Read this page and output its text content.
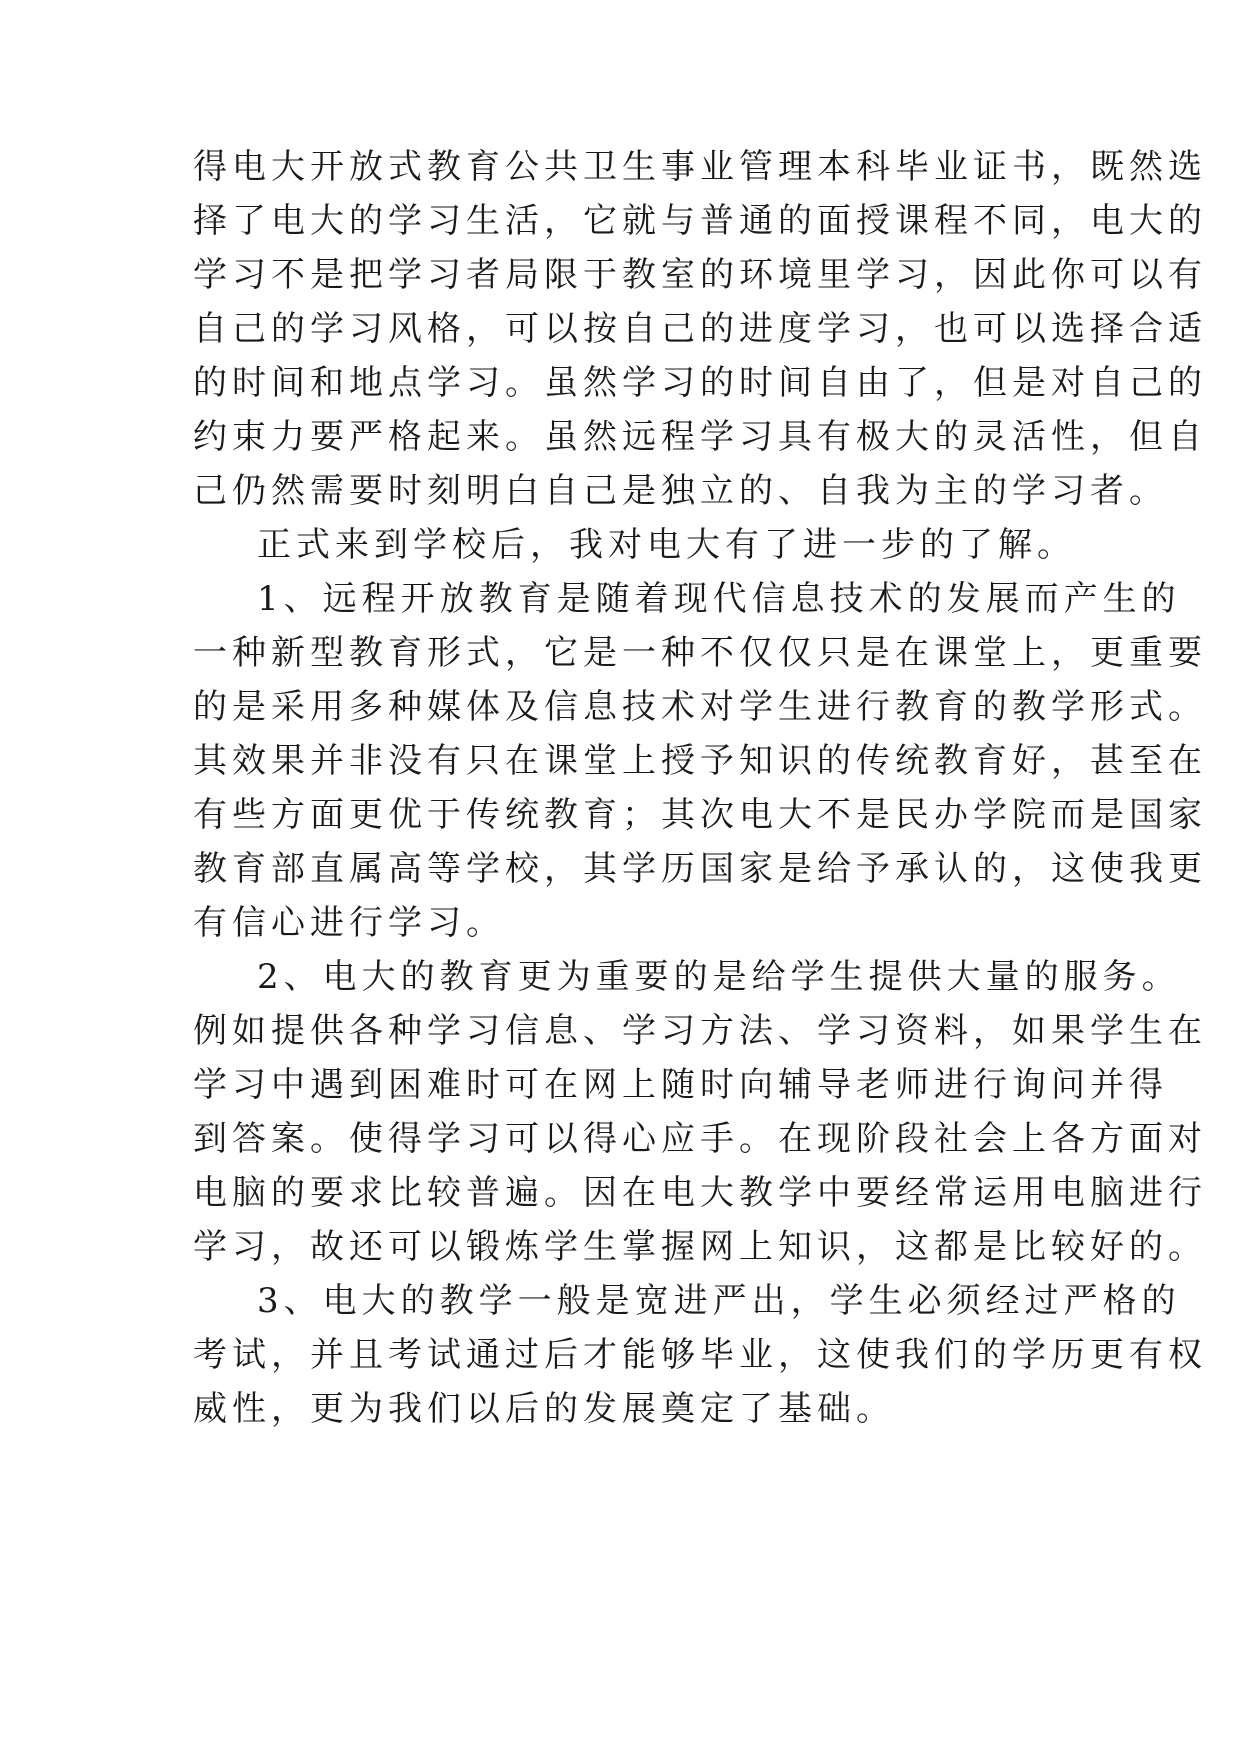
得电大开放式教育公共卫生事业管理本科毕业证书，既然选

择了电大的学习生活，它就与普通的面授课程不同，电大的

学习不是把学习者局限于教室的环境里学习，因此你可以有

自己的学习风格，可以按自己的进度学习，也可以选择合适

的时间和地点学习。虽然学习的时间自由了，但是对自己的

约束力要严格起来。虽然远程学习具有极大的灵活性，但自

己仍然需要时刻明白自己是独立的、自我为主的学习者。

正式来到学校后，我对电大有了进一步的了解。

1、远程开放教育是随着现代信息技术的发展而产生的

一种新型教育形式，它是一种不仅仅只是在课堂上，更重要

的是采用多种媒体及信息技术对学生进行教育的教学形式。

其效果并非没有只在课堂上授予知识的传统教育好，甚至在

有些方面更优于传统教育；其次电大不是民办学院而是国家

教育部直属高等学校，其学历国家是给予承认的，这使我更

有信心进行学习。

2、电大的教育更为重要的是给学生提供大量的服务。

例如提供各种学习信息、学习方法、学习资料，如果学生在

学习中遇到困难时可在网上随时向辅导老师进行询问并得

到答案。使得学习可以得心应手。在现阶段社会上各方面对

电脑的要求比较普遍。因在电大教学中要经常运用电脑进行

学习，故还可以锻炼学生掌握网上知识，这都是比较好的。

3、电大的教学一般是宽进严出，学生必须经过严格的

考试，并且考试通过后才能够毕业，这使我们的学历更有权

威性，更为我们以后的发展奠定了基础。
